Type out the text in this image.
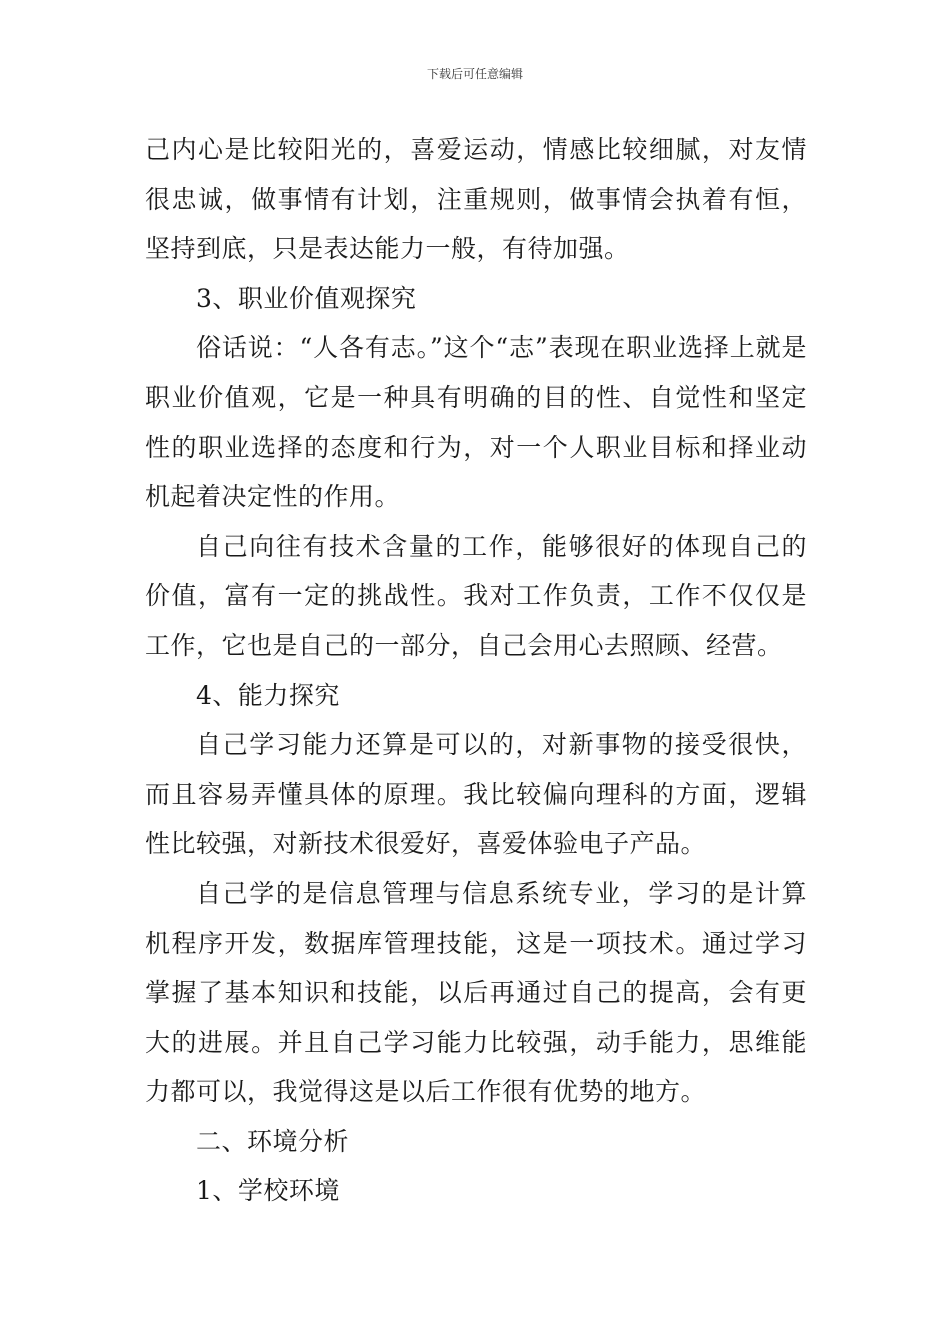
下载后可任意编辑

己内心是比较阳光的，喜爱运动，情感比较细腻，对友情很忠诚，做事情有计划，注重规则，做事情会执着有恒，坚持到底，只是表达能力一般，有待加强。

3、职业价值观探究

俗话说：“人各有志。”这个“志”表现在职业选择上就是职业价值观，它是一种具有明确的目的性、自觉性和坚定性的职业选择的态度和行为，对一个人职业目标和择业动机起着决定性的作用。

自己向往有技术含量的工作，能够很好的体现自己的价值，富有一定的挑战性。我对工作负责，工作不仅仅是工作，它也是自己的一部分，自己会用心去照顾、经营。

4、能力探究

自己学习能力还算是可以的，对新事物的接受很快，而且容易弄懂具体的原理。我比较偏向理科的方面，逻辑性比较强，对新技术很爱好，喜爱体验电子产品。

自己学的是信息管理与信息系统专业，学习的是计算机程序开发，数据库管理技能，这是一项技术。通过学习掌握了基本知识和技能，以后再通过自己的提高，会有更大的进展。并且自己学习能力比较强，动手能力，思维能力都可以，我觉得这是以后工作很有优势的地方。

二、环境分析

1、学校环境
